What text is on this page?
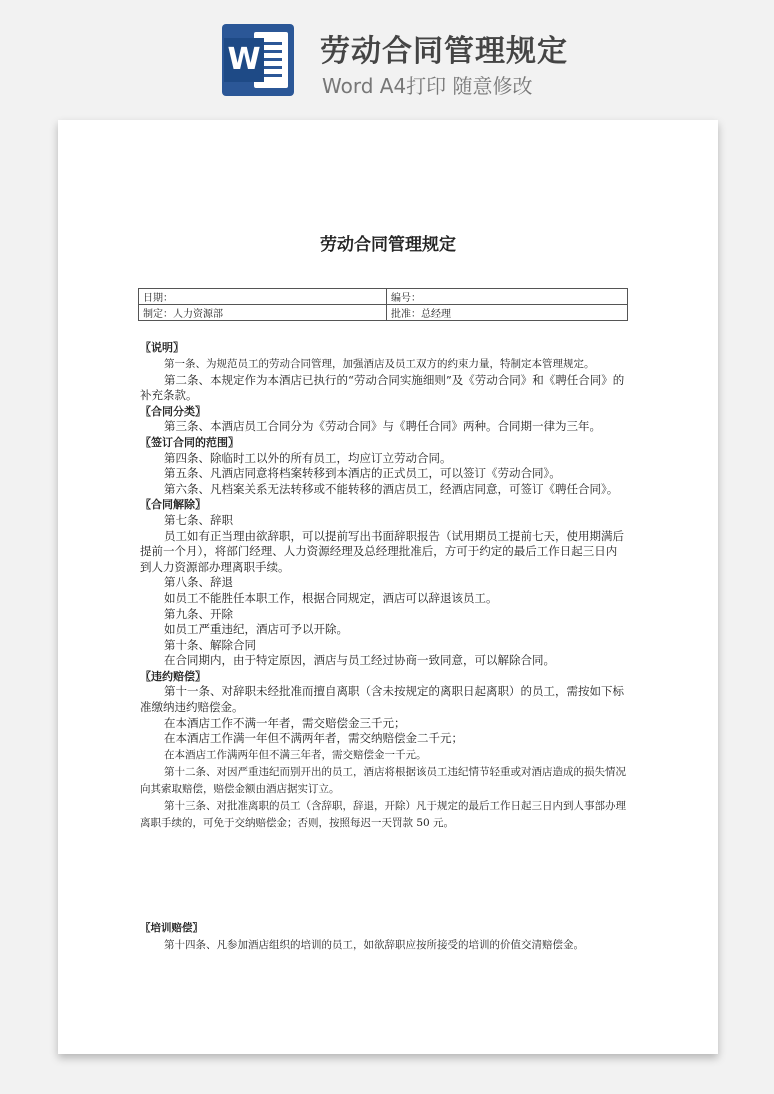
W 劳动合同管理规定
Word A4打印 随意修改
劳动合同管理规定
日期：	编号：
制定：人力资源部	批准：总经理

〖说明〗

第一条、为规范员工的劳动合同管理，加强酒店及员工双方的约束力量，特制定本管理规定。

第二条、本规定作为本酒店已执行的“劳动合同实施细则”及《劳动合同》和《聘任合同》的补充条款。

〖合同分类〗

第三条、本酒店员工合同分为《劳动合同》与《聘任合同》两种。合同期一律为三年。

〖签订合同的范围〗

第四条、除临时工以外的所有员工，均应订立劳动合同。

第五条、凡酒店同意将档案转移到本酒店的正式员工，可以签订《劳动合同》。

第六条、凡档案关系无法转移或不能转移的酒店员工，经酒店同意，可签订《聘任合同》。

〖合同解除〗

第七条、辞职

员工如有正当理由欲辞职，可以提前写出书面辞职报告（试用期员工提前七天，使用期满后提前一个月），将部门经理、人力资源经理及总经理批准后，方可于约定的最后工作日起三日内到人力资源部办理离职手续。

第八条、辞退

如员工不能胜任本职工作，根据合同规定，酒店可以辞退该员工。

第九条、开除

如员工严重违纪，酒店可予以开除。

第十条、解除合同

在合同期内，由于特定原因，酒店与员工经过协商一致同意，可以解除合同。

〖违约赔偿〗

第十一条、对辞职未经批准而擅自离职（含未按规定的离职日起离职）的员工，需按如下标准缴纳违约赔偿金。

在本酒店工作不满一年者，需交赔偿金三千元；

在本酒店工作满一年但不满两年者，需交纳赔偿金二千元；

在本酒店工作满两年但不满三年者，需交赔偿金一千元。

第十二条、对因严重违纪而别开出的员工，酒店将根据该员工违纪情节轻重或对酒店造成的损失情况向其索取赔偿，赔偿金额由酒店据实订立。

第十三条、对批准离职的员工（含辞职，辞退，开除）凡于规定的最后工作日起三日内到人事部办理离职手续的，可免于交纳赔偿金；否则，按照每迟一天罚款 50 元。

〖培训赔偿〗

第十四条、凡参加酒店组织的培训的员工，如欲辞职应按所接受的培训的价值交清赔偿金。
